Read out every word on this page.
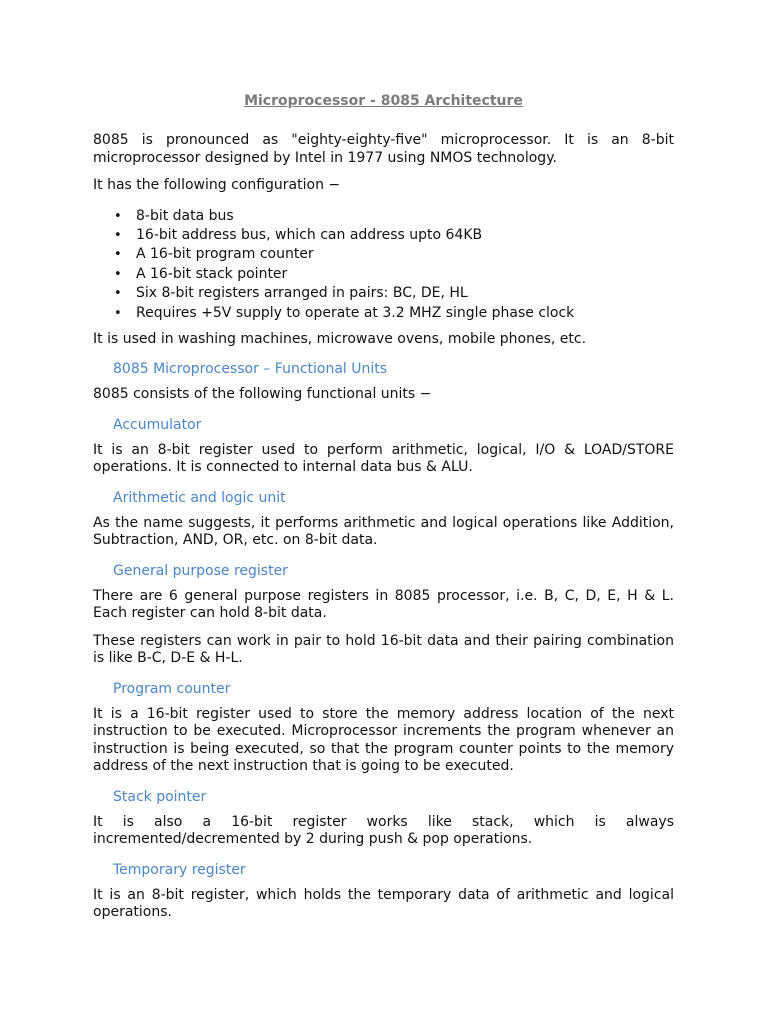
Microprocessor - 8085 Architecture

8085 is pronounced as "eighty-eighty-five" microprocessor. It is an 8-bit microprocessor designed by Intel in 1977 using NMOS technology.

It has the following configuration −

• 8-bit data bus
• 16-bit address bus, which can address upto 64KB
• A 16-bit program counter
• A 16-bit stack pointer
• Six 8-bit registers arranged in pairs: BC, DE, HL
• Requires +5V supply to operate at 3.2 MHZ single phase clock

It is used in washing machines, microwave ovens, mobile phones, etc.

8085 Microprocessor – Functional Units

8085 consists of the following functional units −

Accumulator

It is an 8-bit register used to perform arithmetic, logical, I/O & LOAD/STORE operations. It is connected to internal data bus & ALU.

Arithmetic and logic unit

As the name suggests, it performs arithmetic and logical operations like Addition, Subtraction, AND, OR, etc. on 8-bit data.

General purpose register

There are 6 general purpose registers in 8085 processor, i.e. B, C, D, E, H & L. Each register can hold 8-bit data.

These registers can work in pair to hold 16-bit data and their pairing combination is like B-C, D-E & H-L.

Program counter

It is a 16-bit register used to store the memory address location of the next instruction to be executed. Microprocessor increments the program whenever an instruction is being executed, so that the program counter points to the memory address of the next instruction that is going to be executed.

Stack pointer

It is also a 16-bit register works like stack, which is always incremented/decremented by 2 during push & pop operations.

Temporary register

It is an 8-bit register, which holds the temporary data of arithmetic and logical operations.
